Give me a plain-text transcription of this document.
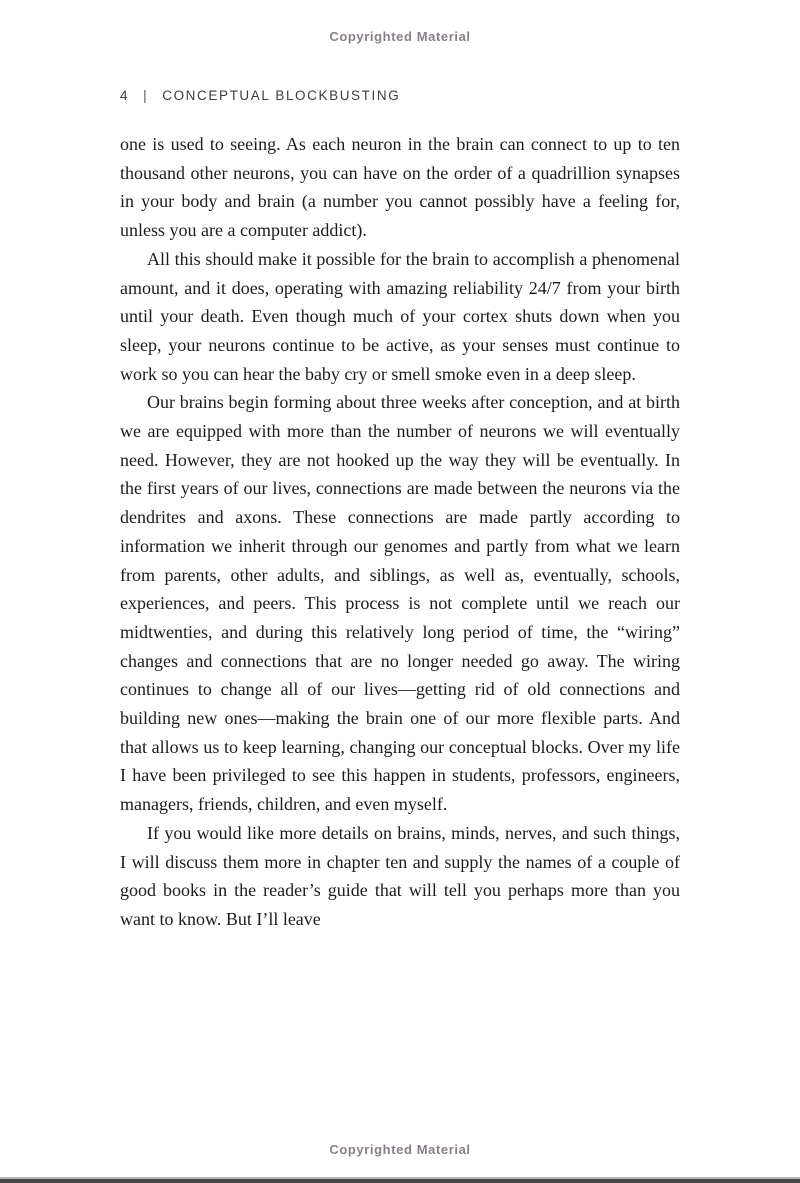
Copyrighted Material
4 | CONCEPTUAL BLOCKBUSTING

one is used to seeing. As each neuron in the brain can connect to up to ten thousand other neurons, you can have on the order of a quadrillion synapses in your body and brain (a number you cannot possibly have a feeling for, unless you are a computer addict).

All this should make it possible for the brain to accomplish a phenomenal amount, and it does, operating with amazing reliability 24/7 from your birth until your death. Even though much of your cortex shuts down when you sleep, your neurons continue to be active, as your senses must continue to work so you can hear the baby cry or smell smoke even in a deep sleep.

Our brains begin forming about three weeks after conception, and at birth we are equipped with more than the number of neurons we will eventually need. However, they are not hooked up the way they will be eventually. In the first years of our lives, connections are made between the neurons via the dendrites and axons. These connections are made partly according to information we inherit through our genomes and partly from what we learn from parents, other adults, and siblings, as well as, eventually, schools, experiences, and peers. This process is not complete until we reach our midtwenties, and during this relatively long period of time, the “wiring” changes and connections that are no longer needed go away. The wiring continues to change all of our lives—getting rid of old connections and building new ones—making the brain one of our more flexible parts. And that allows us to keep learning, changing our conceptual blocks. Over my life I have been privileged to see this happen in students, professors, engineers, managers, friends, children, and even myself.

If you would like more details on brains, minds, nerves, and such things, I will discuss them more in chapter ten and supply the names of a couple of good books in the reader’s guide that will tell you perhaps more than you want to know. But I’ll leave

Copyrighted Material
